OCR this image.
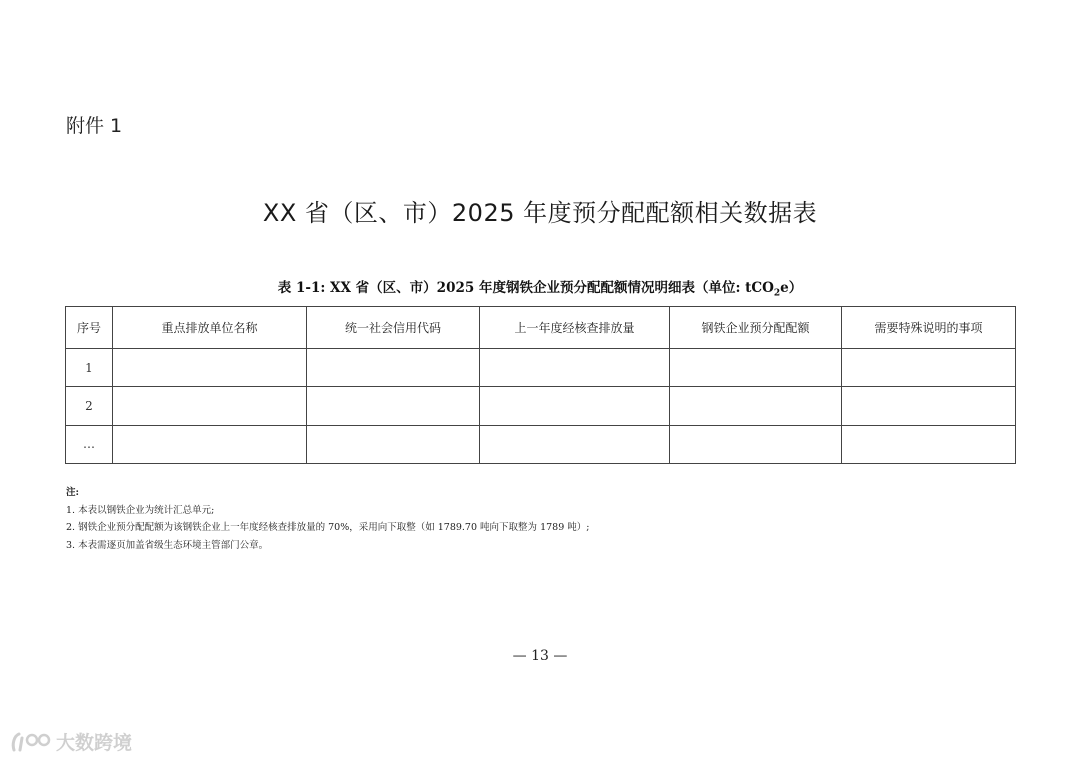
附件 1
XX 省（区、市）2025 年度预分配配额相关数据表
表 1-1: XX 省（区、市）2025 年度钢铁企业预分配配额情况明细表（单位: tCO$_2$e）
序号	重点排放单位名称	统一社会信用代码	上一年度经核查排放量	钢铁企业预分配配额	需要特殊说明的事项
1					
2					
…					
注:
1. 本表以钢铁企业为统计汇总单元;
2. 钢铁企业预分配配额为该钢铁企业上一年度经核查排放量的 70%，采用向下取整（如 1789.70 吨向下取整为 1789 吨）;
3. 本表需逐页加盖省级生态环境主管部门公章。
— 13 —
大数跨境
